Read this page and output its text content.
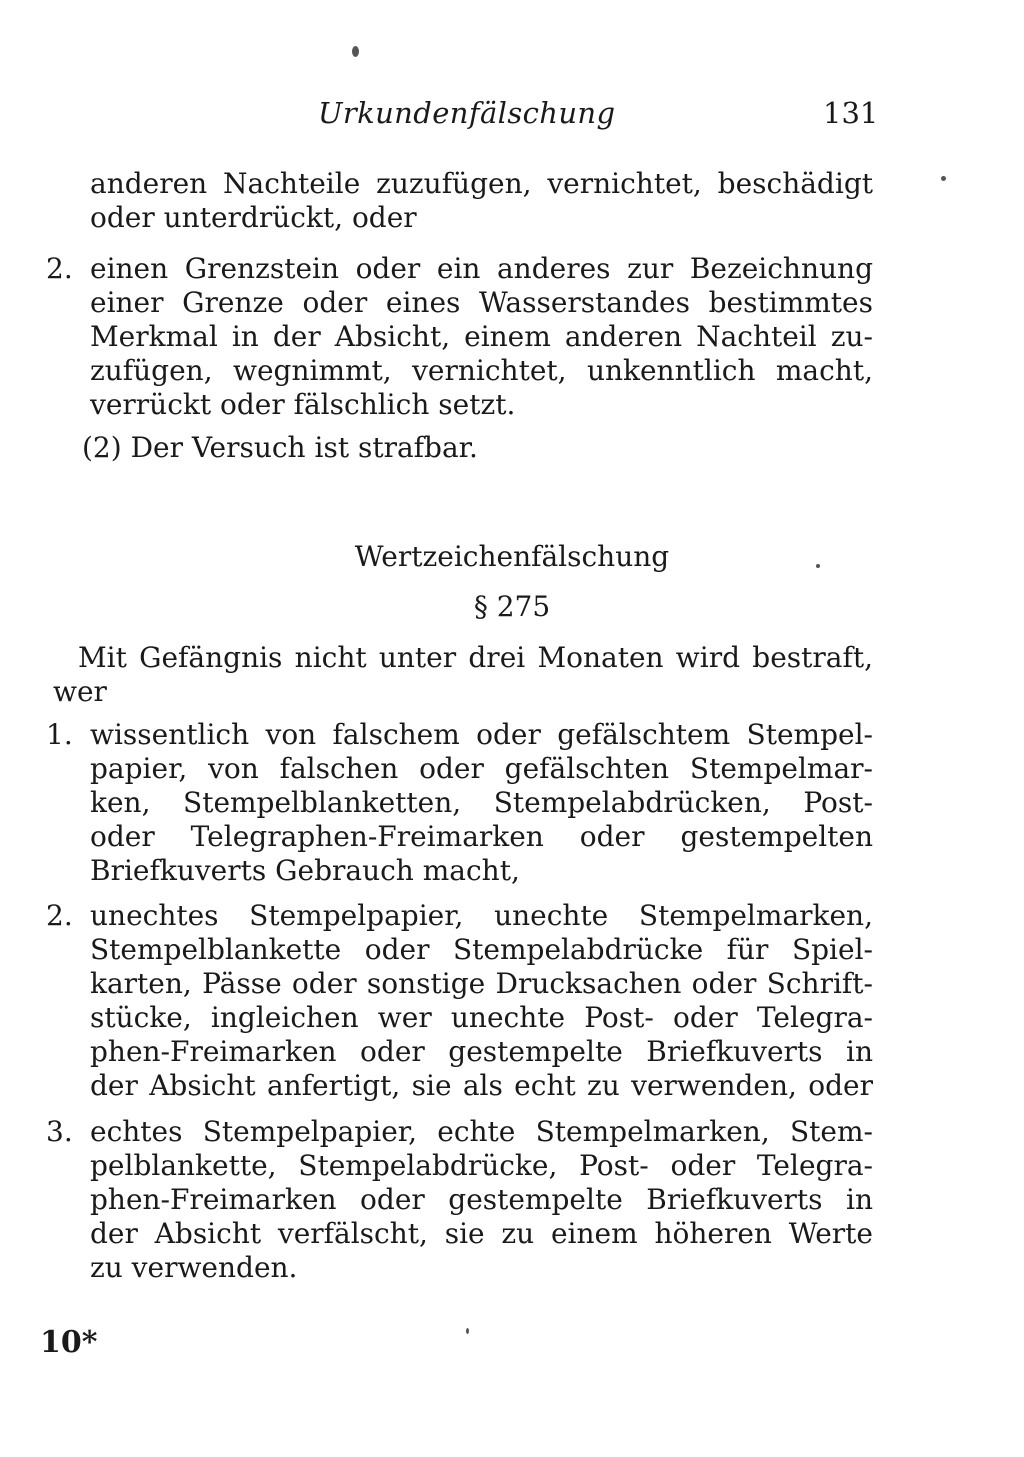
Urkundenfälschung	131
anderen Nachteile zuzufügen, vernichtet, beschädigt
oder unterdrückt, oder
2. einen Grenzstein oder ein anderes zur Bezeichnung
einer Grenze oder eines Wasserstandes bestimmtes
Merkmal in der Absicht, einem anderen Nachteil zu-
zufügen, wegnimmt, vernichtet, unkenntlich macht,
verrückt oder fälschlich setzt.
(2) Der Versuch ist strafbar.
Wertzeichenfälschung
§ 275
Mit Gefängnis nicht unter drei Monaten wird bestraft,
wer
1. wissentlich von falschem oder gefälschtem Stempel-
papier, von falschen oder gefälschten Stempelmar-
ken, Stempelblanketten, Stempelabdrücken, Post-
oder Telegraphen-Freimarken oder gestempelten
Briefkuverts Gebrauch macht,
2. unechtes Stempelpapier, unechte Stempelmarken,
Stempelblankette oder Stempelabdrücke für Spiel-
karten, Pässe oder sonstige Drucksachen oder Schrift-
stücke, ingleichen wer unechte Post- oder Telegra-
phen-Freimarken oder gestempelte Briefkuverts in
der Absicht anfertigt, sie als echt zu verwenden, oder
3. echtes Stempelpapier, echte Stempelmarken, Stem-
pelblankette, Stempelabdrücke, Post- oder Telegra-
phen-Freimarken oder gestempelte Briefkuverts in
der Absicht verfälscht, sie zu einem höheren Werte
zu verwenden.
10*
